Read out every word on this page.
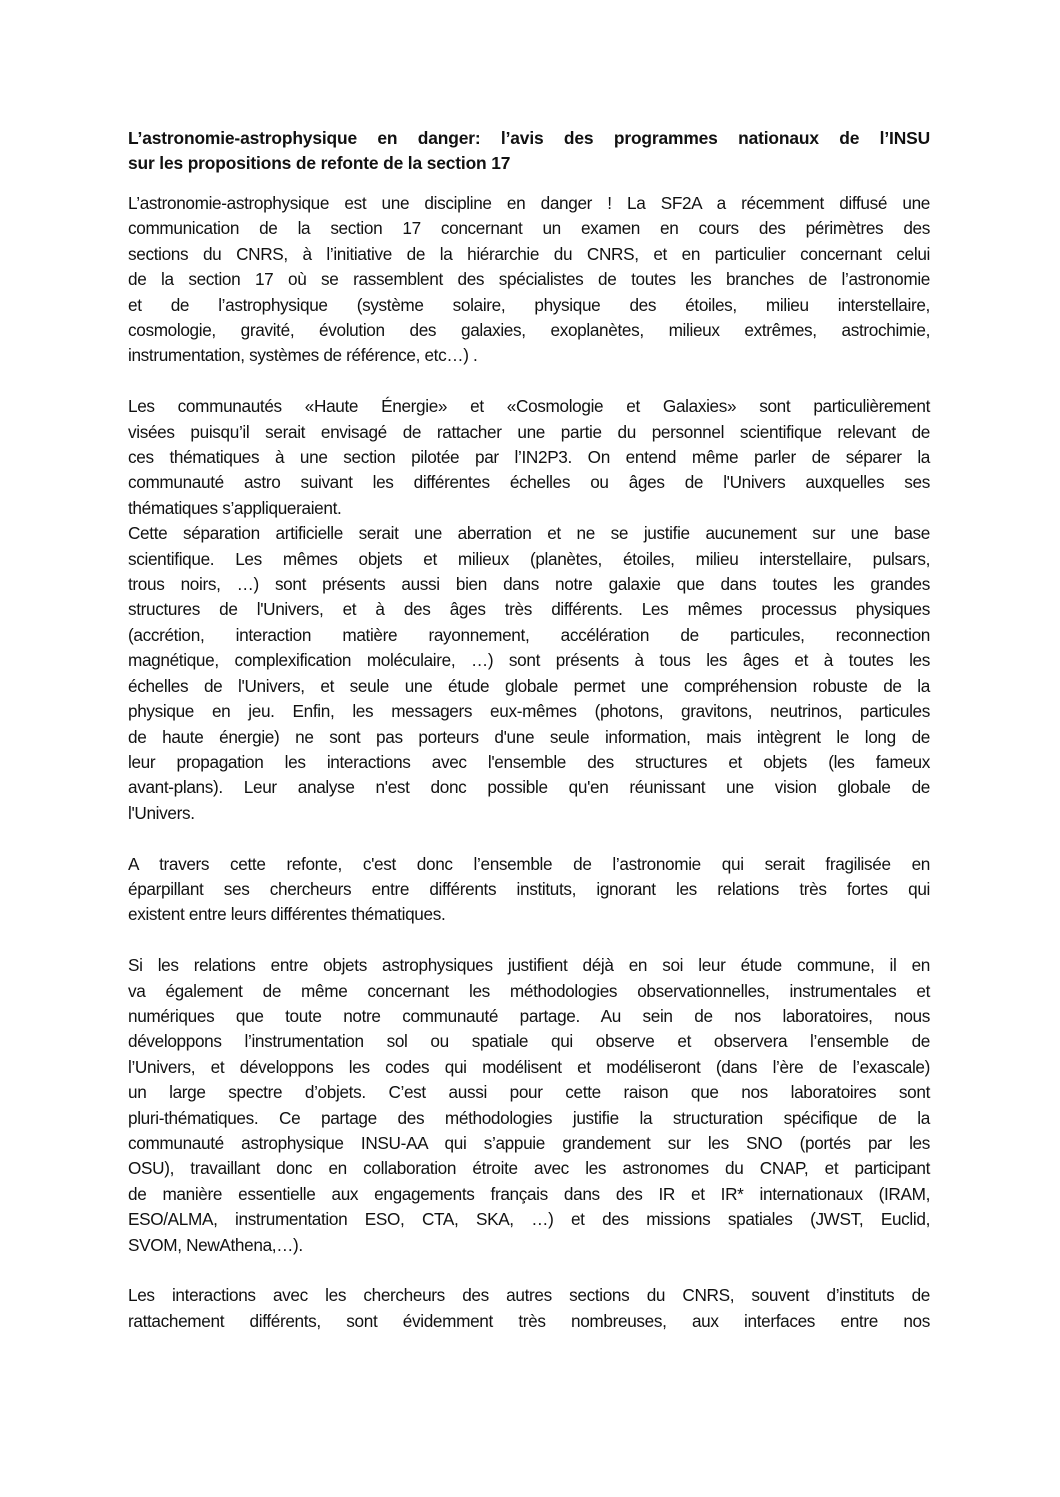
L’astronomie-astrophysique en danger: l’avis des programmes nationaux de l’INSU
sur les propositions de refonte de la section 17
L’astronomie-astrophysique est une discipline en danger ! La SF2A a récemment diffusé une
communication de la section 17 concernant un examen en cours des périmètres des
sections du CNRS, à l’initiative de la hiérarchie du CNRS, et en particulier concernant celui
de la section 17 où se rassemblent des spécialistes de toutes les branches de l’astronomie
et de l’astrophysique (système solaire, physique des étoiles, milieu interstellaire,
cosmologie, gravité, évolution des galaxies, exoplanètes, milieux extrêmes, astrochimie,
instrumentation, systèmes de référence, etc…) .
Les communautés «Haute Énergie» et «Cosmologie et Galaxies» sont particulièrement
visées puisqu’il serait envisagé de rattacher une partie du personnel scientifique relevant de
ces thématiques à une section pilotée par l’IN2P3. On entend même parler de séparer la
communauté astro suivant les différentes échelles ou âges de l'Univers auxquelles ses
thématiques s’appliqueraient.
Cette séparation artificielle serait une aberration et ne se justifie aucunement sur une base
scientifique. Les mêmes objets et milieux (planètes, étoiles, milieu interstellaire, pulsars,
trous noirs, …) sont présents aussi bien dans notre galaxie que dans toutes les grandes
structures de l'Univers, et à des âges très différents. Les mêmes processus physiques
(accrétion, interaction matière rayonnement, accélération de particules, reconnection
magnétique, complexification moléculaire, …) sont présents à tous les âges et à toutes les
échelles de l'Univers, et seule une étude globale permet une compréhension robuste de la
physique en jeu. Enfin, les messagers eux-mêmes (photons, gravitons, neutrinos, particules
de haute énergie) ne sont pas porteurs d'une seule information, mais intègrent le long de
leur propagation les interactions avec l'ensemble des structures et objets (les fameux
avant-plans). Leur analyse n'est donc possible qu'en réunissant une vision globale de
l'Univers.
A travers cette refonte, c'est donc l’ensemble de l’astronomie qui serait fragilisée en
éparpillant ses chercheurs entre différents instituts, ignorant les relations très fortes qui
existent entre leurs différentes thématiques.
Si les relations entre objets astrophysiques justifient déjà en soi leur étude commune, il en
va également de même concernant les méthodologies observationnelles, instrumentales et
numériques que toute notre communauté partage. Au sein de nos laboratoires, nous
développons l’instrumentation sol ou spatiale qui observe et observera l’ensemble de
l’Univers, et développons les codes qui modélisent et modéliseront (dans l’ère de l’exascale)
un large spectre d’objets. C’est aussi pour cette raison que nos laboratoires sont
pluri-thématiques. Ce partage des méthodologies justifie la structuration spécifique de la
communauté astrophysique INSU-AA qui s’appuie grandement sur les SNO (portés par les
OSU), travaillant donc en collaboration étroite avec les astronomes du CNAP, et participant
de manière essentielle aux engagements français dans des IR et IR* internationaux (IRAM,
ESO/ALMA, instrumentation ESO, CTA, SKA, …) et des missions spatiales (JWST, Euclid,
SVOM, NewAthena,…).
Les interactions avec les chercheurs des autres sections du CNRS, souvent d’instituts de
rattachement différents, sont évidemment très nombreuses, aux interfaces entre nos
